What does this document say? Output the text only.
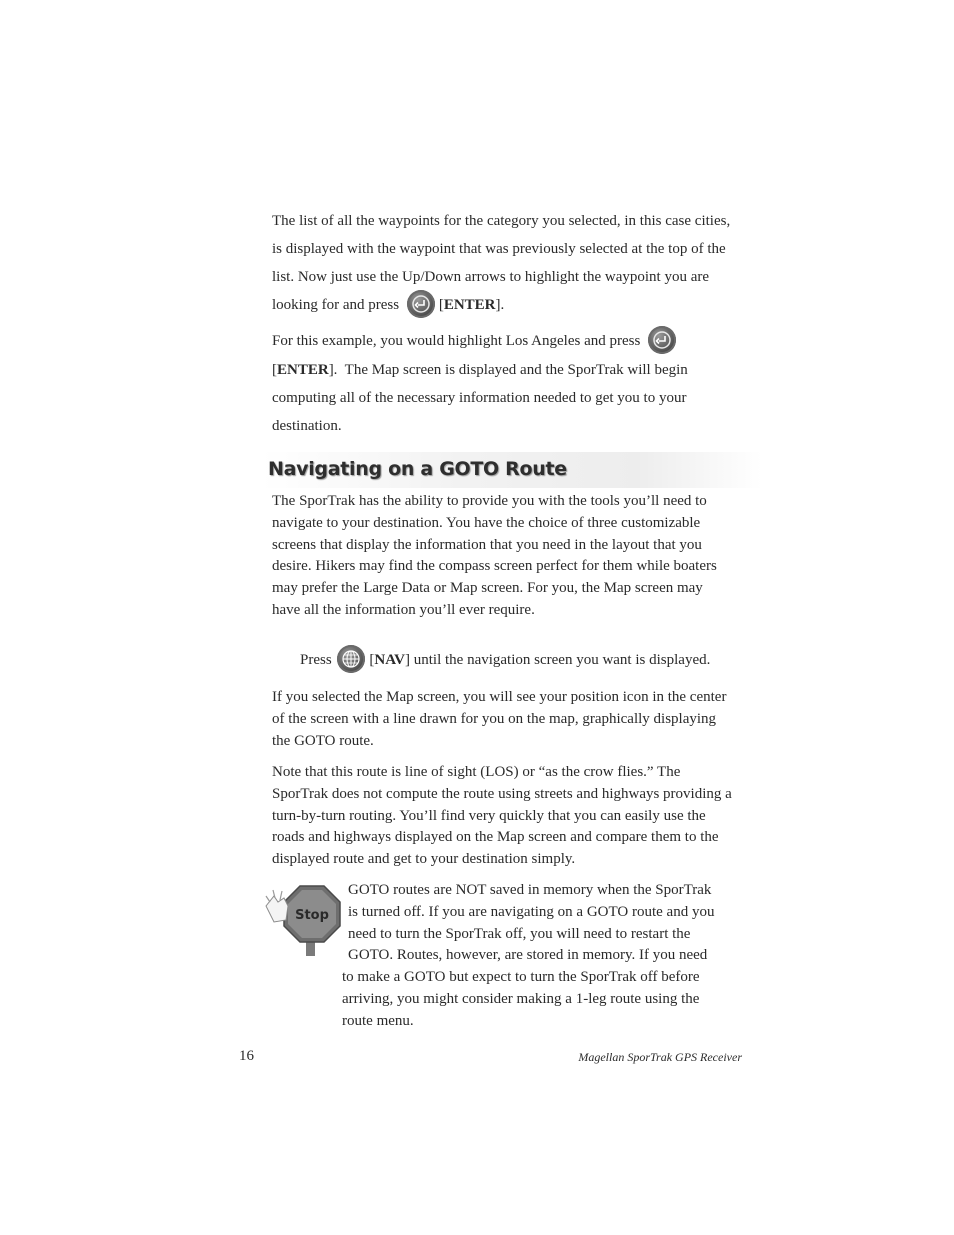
The list of all the waypoints for the category you selected, in this case cities, is displayed with the waypoint that was previously selected at the top of the list. Now just use the Up/Down arrows to highlight the waypoint you are looking for and press	[ENTER].

For this example, you would highlight Los Angeles and press

[ENTER]. The Map screen is displayed and the SporTrak will begin computing all of the necessary information needed to get you to your destination.

Navigating on a GOTO Route

The SporTrak has the ability to provide you with the tools you’ll need to navigate to your destination. You have the choice of three customizable screens that display the information that you need in the layout that you desire. Hikers may find the compass screen perfect for them while boaters may prefer the Large Data or Map screen. For you, the Map screen may have all the information you’ll ever require.

Press	[NAV] until the navigation screen you want is displayed.

If you selected the Map screen, you will see your position icon in the center of the screen with a line drawn for you on the map, graphically displaying the GOTO route.

Note that this route is line of sight (LOS) or “as the crow flies.” The SporTrak does not compute the route using streets and highways providing a turn-by-turn routing. You’ll find very quickly that you can easily use the roads and highways displayed on the Map screen and compare them to the displayed route and get to your destination simply.

Stop
GOTO routes are NOT saved in memory when the SporTrak
is turned off. If you are navigating on a GOTO route and you
need to turn the SporTrak off, you will need to restart the
GOTO. Routes, however, are stored in memory. If you need
to make a GOTO but expect to turn the SporTrak off before
arriving, you might consider making a 1-leg route using the
route menu.

16	Magellan SporTrak GPS Receiver
